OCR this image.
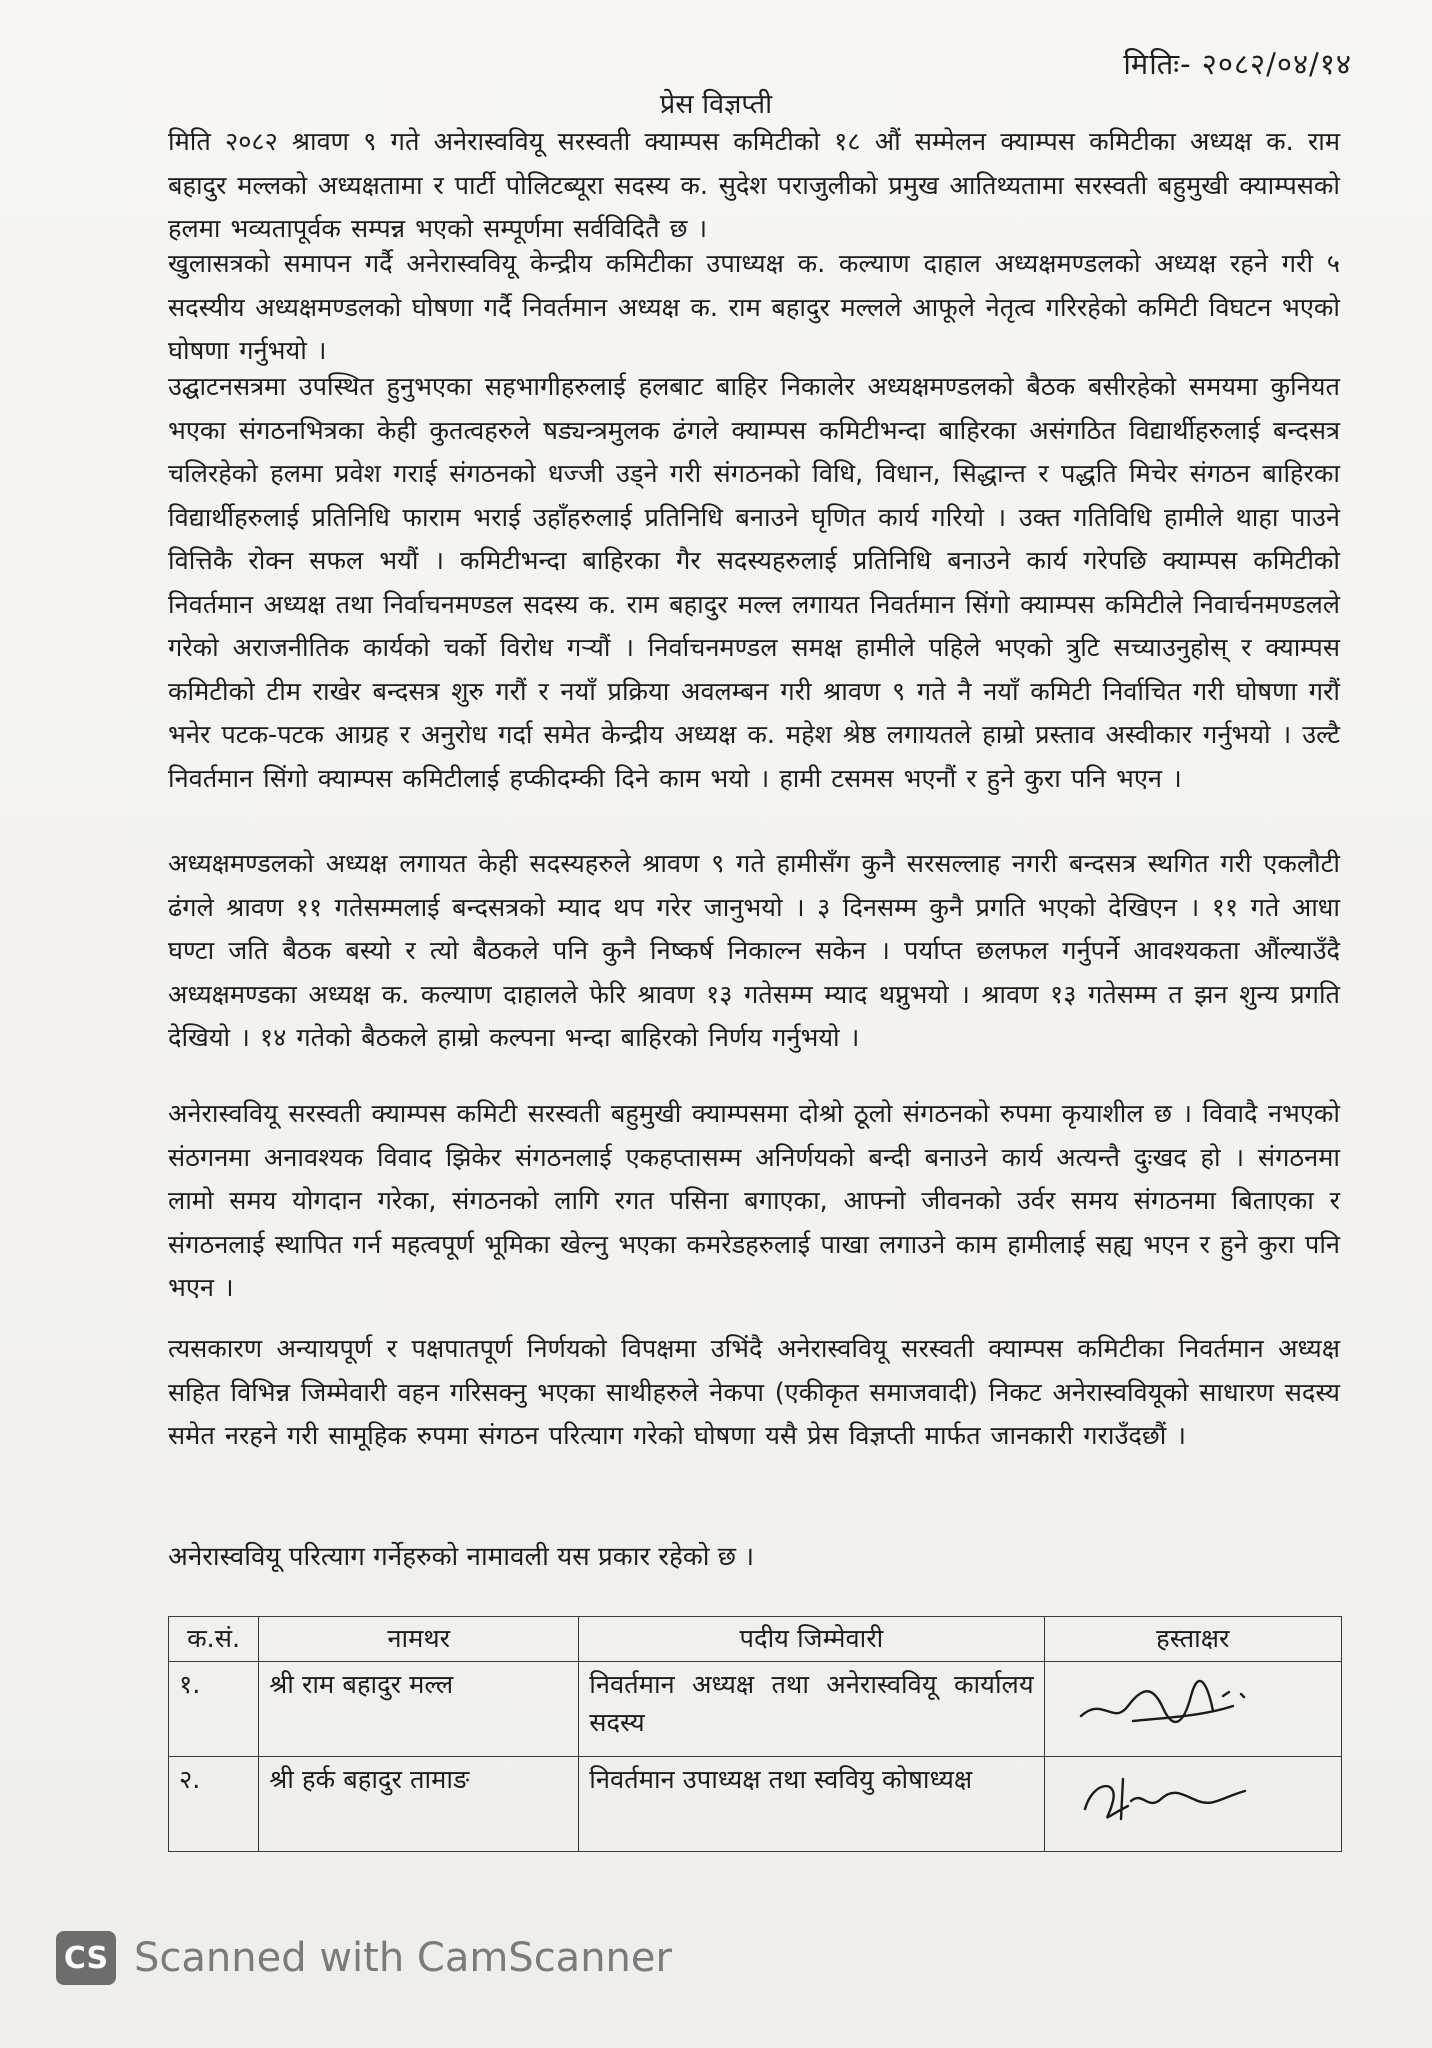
मितिः- २०८२/०४/१४
प्रेस विज्ञप्ती

मिति २०८२ श्रावण ९ गते अनेरास्ववियू सरस्वती क्याम्पस कमिटीको १८ औं सम्मेलन क्याम्पस कमिटीका अध्यक्ष क. राम बहादुर मल्लको अध्यक्षतामा र पार्टी पोलिटब्यूरा सदस्य क. सुदेश पराजुलीको प्रमुख आतिथ्यतामा सरस्वती बहुमुखी क्याम्पसको हलमा भव्यतापूर्वक सम्पन्न भएको सम्पूर्णमा सर्वविदितै छ ।

खुलासत्रको समापन गर्दै अनेरास्ववियू केन्द्रीय कमिटीका उपाध्यक्ष क. कल्याण दाहाल अध्यक्षमण्डलको अध्यक्ष रहने गरी ५ सदस्यीय अध्यक्षमण्डलको घोषणा गर्दै निवर्तमान अध्यक्ष क. राम बहादुर मल्लले आफूले नेतृत्व गरिरहेको कमिटी विघटन भएको घोषणा गर्नुभयो ।

उद्घाटनसत्रमा उपस्थित हुनुभएका सहभागीहरुलाई हलबाट बाहिर निकालेर अध्यक्षमण्डलको बैठक बसीरहेको समयमा कुनियत भएका संगठनभित्रका केही कुतत्वहरुले षड्यन्त्रमुलक ढंगले क्याम्पस कमिटीभन्दा बाहिरका असंगठित विद्यार्थीहरुलाई बन्दसत्र चलिरहेको हलमा प्रवेश गराई संगठनको धज्जी उड्ने गरी संगठनको विधि, विधान, सिद्धान्त र पद्धति मिचेर संगठन बाहिरका विद्यार्थीहरुलाई प्रतिनिधि फाराम भराई उहाँहरुलाई प्रतिनिधि बनाउने घृणित कार्य गरियो । उक्त गतिविधि हामीले थाहा पाउने वित्तिकै रोक्न सफल भयौं । कमिटीभन्दा बाहिरका गैर सदस्यहरुलाई प्रतिनिधि बनाउने कार्य गरेपछि क्याम्पस कमिटीको निवर्तमान अध्यक्ष तथा निर्वाचनमण्डल सदस्य क. राम बहादुर मल्ल लगायत निवर्तमान सिंगो क्याम्पस कमिटीले निवार्चनमण्डलले गरेको अराजनीतिक कार्यको चर्को विरोध गर्‍यौं । निर्वाचनमण्डल समक्ष हामीले पहिले भएको त्रुटि सच्याउनुहोस् र क्याम्पस कमिटीको टीम राखेर बन्दसत्र शुरु गरौं र नयाँ प्रक्रिया अवलम्बन गरी श्रावण ९ गते नै नयाँ कमिटी निर्वाचित गरी घोषणा गरौं भनेर पटक-पटक आग्रह र अनुरोध गर्दा समेत केन्द्रीय अध्यक्ष क. महेश श्रेष्ठ लगायतले हाम्रो प्रस्ताव अस्वीकार गर्नुभयो । उल्टै निवर्तमान सिंगो क्याम्पस कमिटीलाई हप्कीदम्की दिने काम भयो । हामी टसमस भएनौं र हुने कुरा पनि भएन ।

अध्यक्षमण्डलको अध्यक्ष लगायत केही सदस्यहरुले श्रावण ९ गते हामीसँग कुनै सरसल्लाह नगरी बन्दसत्र स्थगित गरी एकलौटी ढंगले श्रावण ११ गतेसम्मलाई बन्दसत्रको म्याद थप गरेर जानुभयो । ३ दिनसम्म कुनै प्रगति भएको देखिएन । ११ गते आधा घण्टा जति बैठक बस्यो र त्यो बैठकले पनि कुनै निष्कर्ष निकाल्न सकेन । पर्याप्त छलफल गर्नुपर्ने आवश्यकता औंल्याउँदै अध्यक्षमण्डका अध्यक्ष क. कल्याण दाहालले फेरि श्रावण १३ गतेसम्म म्याद थप्नुभयो । श्रावण १३ गतेसम्म त झन शुन्य प्रगति देखियो । १४ गतेको बैठकले हाम्रो कल्पना भन्दा बाहिरको निर्णय गर्नुभयो ।

अनेरास्ववियू सरस्वती क्याम्पस कमिटी सरस्वती बहुमुखी क्याम्पसमा दोश्रो ठूलो संगठनको रुपमा कृयाशील छ । विवादै नभएको संठगनमा अनावश्यक विवाद झिकेर संगठनलाई एकहप्तासम्म अनिर्णयको बन्दी बनाउने कार्य अत्यन्तै दुःखद हो । संगठनमा लामो समय योगदान गरेका, संगठनको लागि रगत पसिना बगाएका, आफ्नो जीवनको उर्वर समय संगठनमा बिताएका र संगठनलाई स्थापित गर्न महत्वपूर्ण भूमिका खेल्नु भएका कमरेडहरुलाई पाखा लगाउने काम हामीलाई सह्य भएन र हुने कुरा पनि भएन ।

त्यसकारण अन्यायपूर्ण र पक्षपातपूर्ण निर्णयको विपक्षमा उभिंदै अनेरास्ववियू सरस्वती क्याम्पस कमिटीका निवर्तमान अध्यक्ष सहित विभिन्न जिम्मेवारी वहन गरिसक्नु भएका साथीहरुले नेकपा (एकीकृत समाजवादी) निकट अनेरास्ववियूको साधारण सदस्य समेत नरहने गरी सामूहिक रुपमा संगठन परित्याग गरेको घोषणा यसै प्रेस विज्ञप्ती मार्फत जानकारी गराउँदछौं ।

अनेरास्ववियू परित्याग गर्नेहरुको नामावली यस प्रकार रहेको छ ।
क.सं.	नामथर	पदीय जिम्मेवारी	हस्ताक्षर
१.	श्री राम बहादुर मल्ल	निवर्तमान अध्यक्ष तथा अनेरास्ववियू कार्यालय सदस्य	

२.	श्री हर्क बहादुर तामाङ	निवर्तमान उपाध्यक्ष तथा स्ववियु कोषाध्यक्ष	
CS Scanned with CamScanner
